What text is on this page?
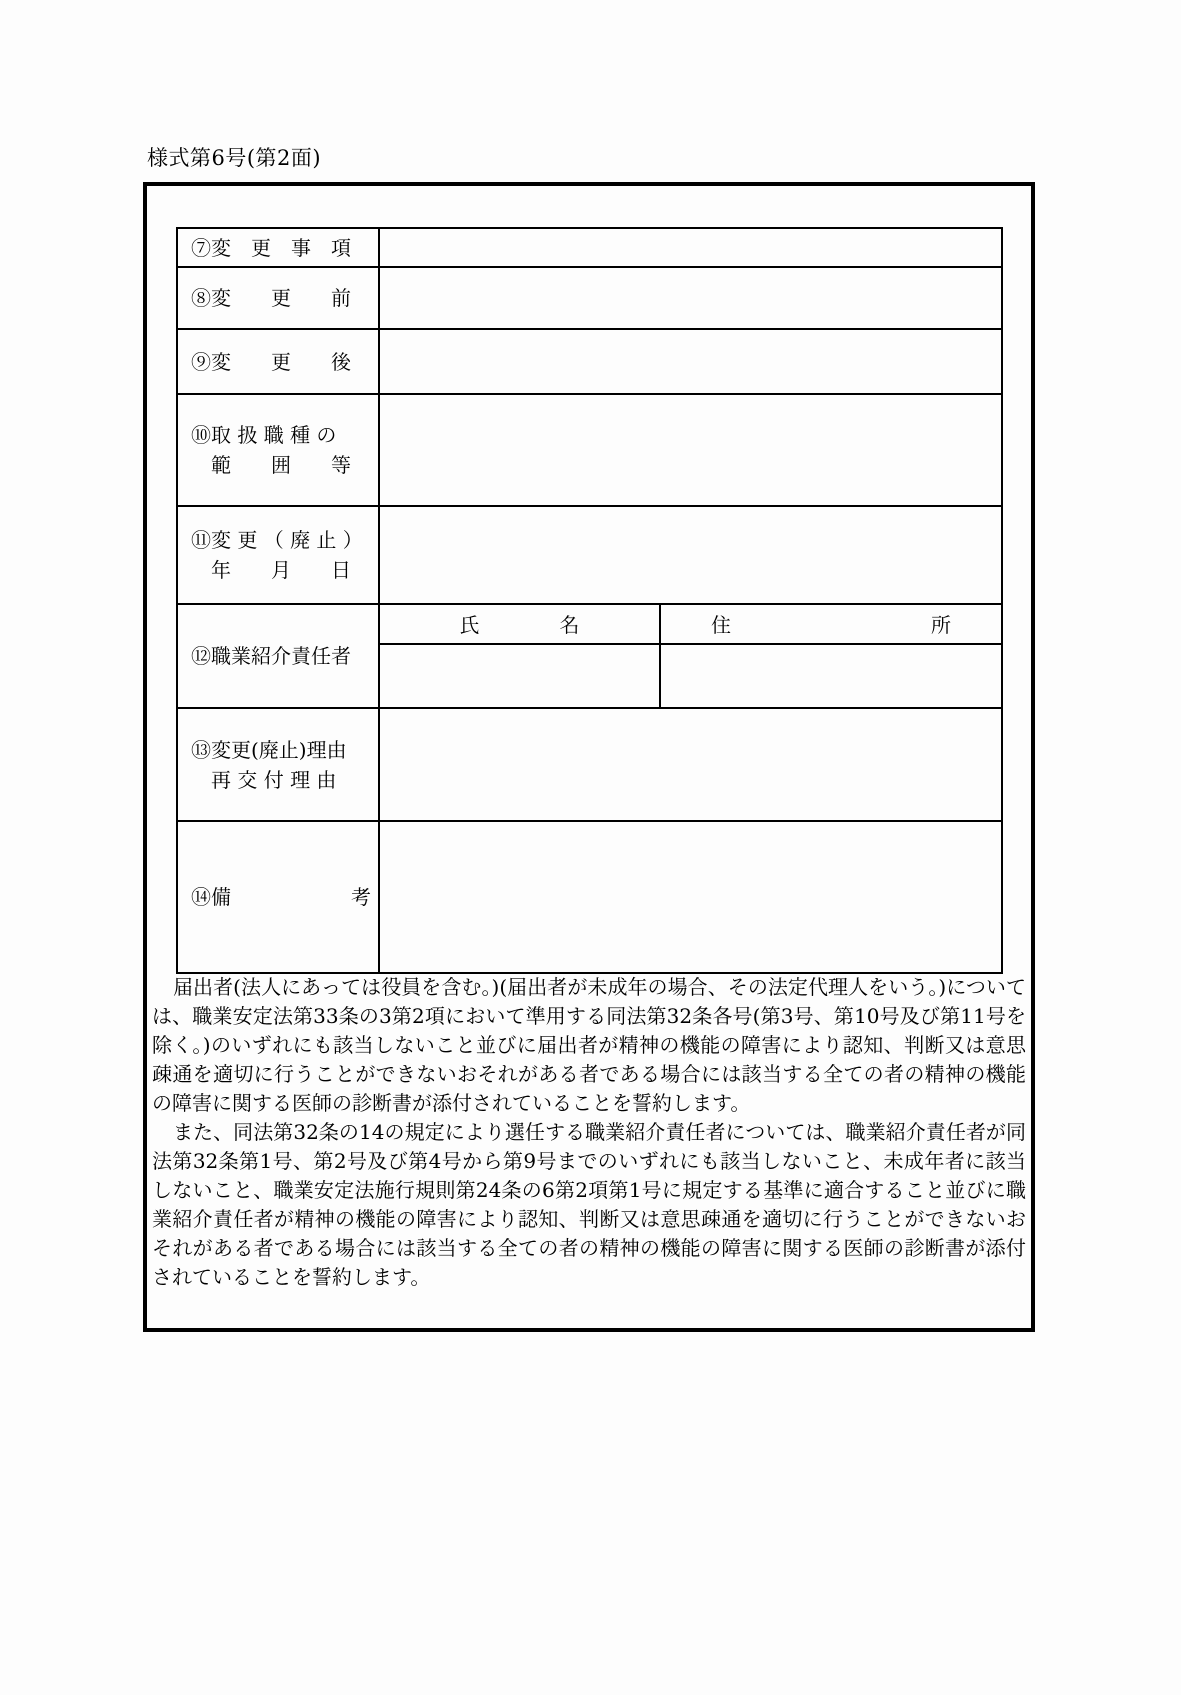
様式第6号(第2面)
⑦変　更　事　項
⑧変　　更　　前
⑨変　　更　　後
⑩取 扱 職 種 の
範　　囲　　等
⑪変 更 （ 廃 止 ）
年　　月　　日
⑫職業紹介責任者
氏　　　　名	住　　　　　　　　　　所
⑬変更(廃止)理由
再 交 付 理 由
⑭備　　　　　　考

届出者(法人にあっては役員を含む。)(届出者が未成年の場合、その法定代理人をいう。)については、職業安定法第33条の3第2項において準用する同法第32条各号(第3号、第10号及び第11号を除く。)のいずれにも該当しないこと並びに届出者が精神の機能の障害により認知、判断又は意思疎通を適切に行うことができないおそれがある者である場合には該当する全ての者の精神の機能の障害に関する医師の診断書が添付されていることを誓約します。

また、同法第32条の14の規定により選任する職業紹介責任者については、職業紹介責任者が同法第32条第1号、第2号及び第4号から第9号までのいずれにも該当しないこと、未成年者に該当しないこと、職業安定法施行規則第24条の6第2項第1号に規定する基準に適合すること並びに職業紹介責任者が精神の機能の障害により認知、判断又は意思疎通を適切に行うことができないおそれがある者である場合には該当する全ての者の精神の機能の障害に関する医師の診断書が添付されていることを誓約します。
